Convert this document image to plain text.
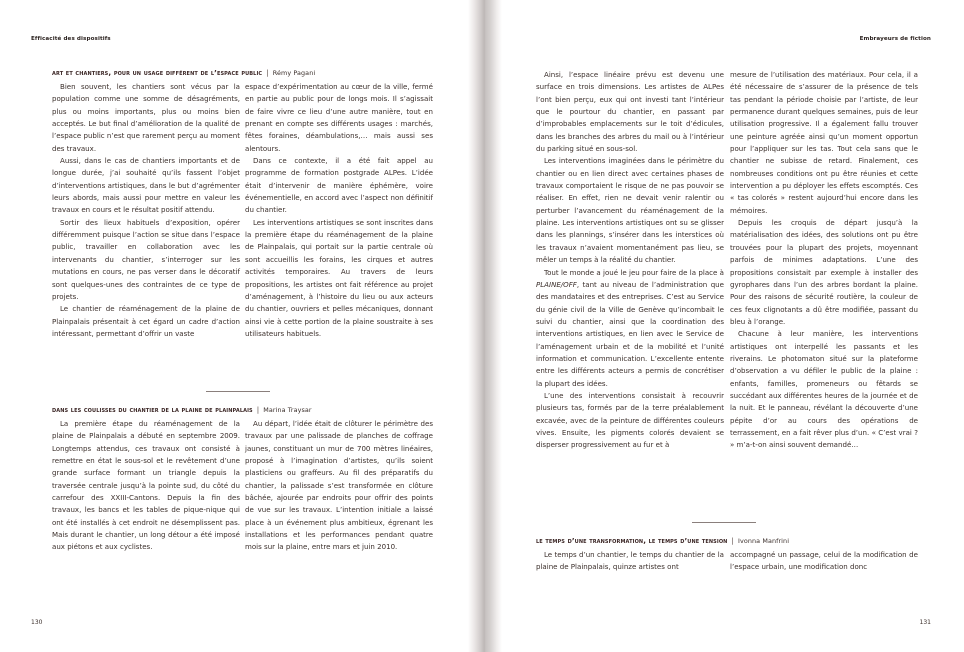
Efficacité des dispositifs
art et chantiers, pour un usage différent de l’espace public | Rémy Pagani

Bien souvent, les chantiers sont vécus par la population comme une somme de désagréments, plus ou moins importants, plus ou moins bien acceptés. Le but final d’amélioration de la qualité de l’espace public n’est que rarement perçu au moment des travaux.

Aussi, dans le cas de chantiers importants et de longue durée, j’ai souhaité qu’ils fassent l’objet d’interventions artistiques, dans le but d’agrémenter leurs abords, mais aussi pour mettre en valeur les travaux en cours et le résultat positif attendu.

Sortir des lieux habituels d’exposition, opérer différemment puisque l’action se situe dans l’espace public, travailler en collaboration avec les intervenants du chantier, s’interroger sur les mutations en cours, ne pas verser dans le décoratif sont quelques-unes des contraintes de ce type de projets.

Le chantier de réaménagement de la plaine de Plainpalais présentait à cet égard un cadre d’action intéressant, permettant d’offrir un vaste

espace d’expérimentation au cœur de la ville, fermé en partie au public pour de longs mois. Il s’agissait de faire vivre ce lieu d’une autre manière, tout en prenant en compte ses différents usages : marchés, fêtes foraines, déambulations,… mais aussi ses alentours.

Dans ce contexte, il a été fait appel au programme de formation postgrade ALPes. L’idée était d’intervenir de manière éphémère, voire événementielle, en accord avec l’aspect non définitif du chantier.

Les interventions artistiques se sont inscrites dans la première étape du réaménagement de la plaine de Plainpalais, qui portait sur la partie centrale où sont accueillis les forains, les cirques et autres activités temporaires. Au travers de leurs propositions, les artistes ont fait référence au projet d’aménagement, à l’histoire du lieu ou aux acteurs du chantier, ouvriers et pelles mécaniques, donnant ainsi vie à cette portion de la plaine soustraite à ses utilisateurs habituels.

dans les coulisses du chantier de la plaine de plainpalais | Marina Traysar

La première étape du réaménagement de la plaine de Plainpalais a débuté en septembre 2009. Longtemps attendus, ces travaux ont consisté à remettre en état le sous-sol et le revêtement d’une grande surface formant un triangle depuis la traversée centrale jusqu’à la pointe sud, du côté du carrefour des XXIII-Cantons. Depuis la fin des travaux, les bancs et les tables de pique-nique qui ont été installés à cet endroit ne désemplissent pas. Mais durant le chantier, un long détour a été imposé aux piétons et aux cyclistes.

Au départ, l’idée était de clôturer le périmètre des travaux par une palissade de planches de coffrage jaunes, constituant un mur de 700 mètres linéaires, proposé à l’imagination d’artistes, qu’ils soient plasticiens ou graffeurs. Au fil des préparatifs du chantier, la palissade s’est transformée en clôture bâchée, ajourée par endroits pour offrir des points de vue sur les travaux. L’intention initiale a laissé place à un événement plus ambitieux, égrenant les installations et les performances pendant quatre mois sur la plaine, entre mars et juin 2010.

130
Embrayeurs de fiction

Ainsi, l’espace linéaire prévu est devenu une surface en trois dimensions. Les artistes de ALPes l’ont bien perçu, eux qui ont investi tant l’intérieur que le pourtour du chantier, en passant par d’improbables emplacements sur le toit d’édicules, dans les branches des arbres du mail ou à l’intérieur du parking situé en sous-sol.

Les interventions imaginées dans le périmètre du chantier ou en lien direct avec certaines phases de travaux comportaient le risque de ne pas pouvoir se réaliser. En effet, rien ne devait venir ralentir ou perturber l’avancement du réaménagement de la plaine. Les interventions artistiques ont su se glisser dans les plannings, s’insérer dans les interstices où les travaux n’avaient momentanément pas lieu, se mêler un temps à la réalité du chantier.

Tout le monde a joué le jeu pour faire de la place à PLAINE/OFF, tant au niveau de l’administration que des mandataires et des entreprises. C’est au Service du génie civil de la Ville de Genève qu’incombait le suivi du chantier, ainsi que la coordination des interventions artistiques, en lien avec le Service de l’aménagement urbain et de la mobilité et l’unité information et communication. L’excellente entente entre les différents acteurs a permis de concrétiser la plupart des idées.

L’une des interventions consistait à recouvrir plusieurs tas, formés par de la terre préalablement excavée, avec de la peinture de différentes couleurs vives. Ensuite, les pigments colorés devaient se disperser progressivement au fur et à

mesure de l’utilisation des matériaux. Pour cela, il a été nécessaire de s’assurer de la présence de tels tas pendant la période choisie par l’artiste, de leur permanence durant quelques semaines, puis de leur utilisation progressive. Il a également fallu trouver une peinture agréée ainsi qu’un moment opportun pour l’appliquer sur les tas. Tout cela sans que le chantier ne subisse de retard. Finalement, ces nombreuses conditions ont pu être réunies et cette intervention a pu déployer les effets escomptés. Ces « tas colorés » restent aujourd’hui encore dans les mémoires.

Depuis les croquis de départ jusqu’à la matérialisation des idées, des solutions ont pu être trouvées pour la plupart des projets, moyennant parfois de minimes adaptations. L’une des propositions consistait par exemple à installer des gyrophares dans l’un des arbres bordant la plaine. Pour des raisons de sécurité routière, la couleur de ces feux clignotants a dû être modifiée, passant du bleu à l’orange.

Chacune à leur manière, les interventions artistiques ont interpellé les passants et les riverains. Le photomaton situé sur la plateforme d’observation a vu défiler le public de la plaine : enfants, familles, promeneurs ou fêtards se succédant aux différentes heures de la journée et de la nuit. Et le panneau, révélant la découverte d’une pépite d’or au cours des opérations de terrassement, en a fait rêver plus d’un. « C’est vrai ? » m’a-t-on ainsi souvent demandé…

le temps d’une transformation, le temps d’une tension | Ivonna Manfrini

Le temps d’un chantier, le temps du chantier de la plaine de Plainpalais, quinze artistes ont

accompagné un passage, celui de la modification de l’espace urbain, une modification donc

131
